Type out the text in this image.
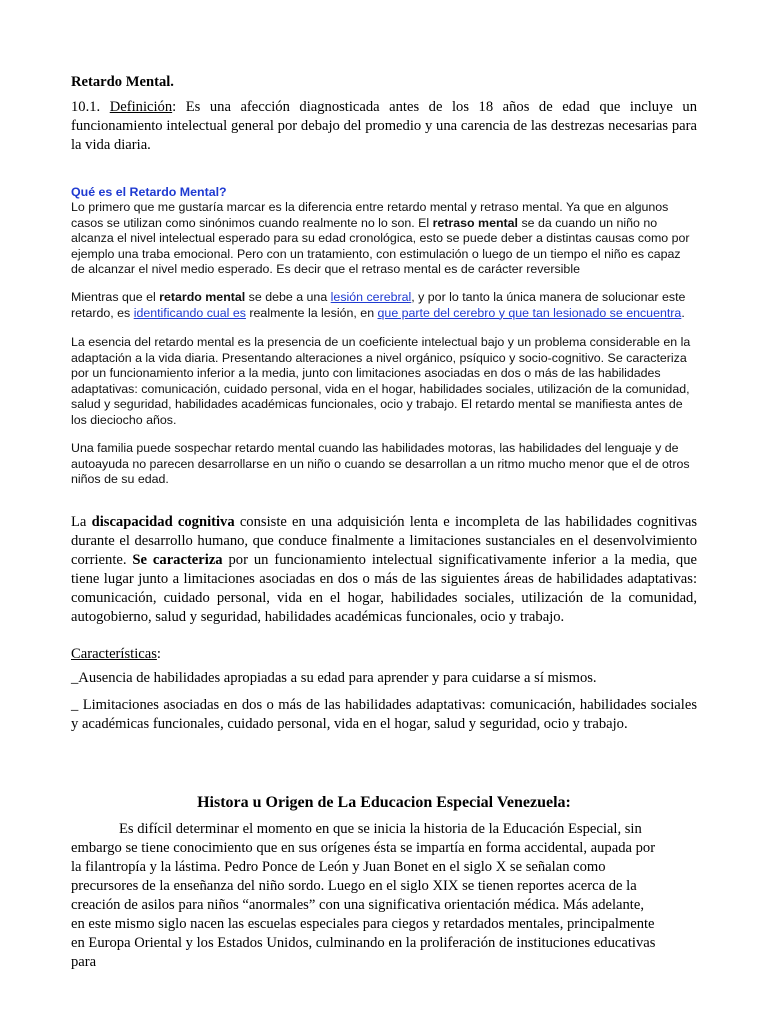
Retardo Mental.

10.1. Definición: Es una afección diagnosticada antes de los 18 años de edad que incluye un funcionamiento intelectual general por debajo del promedio y una carencia de las destrezas necesarias para la vida diaria.

Qué es el Retardo Mental?

Lo primero que me gustaría marcar es la diferencia entre retardo mental y retraso mental. Ya que en algunos casos se utilizan como sinónimos cuando realmente no lo son. El retraso mental se da cuando un niño no alcanza el nivel intelectual esperado para su edad cronológica, esto se puede deber a distintas causas como por ejemplo una traba emocional. Pero con un tratamiento, con estimulación o luego de un tiempo el niño es capaz de alcanzar el nivel medio esperado. Es decir que el retraso mental es de carácter reversible

Mientras que el retardo mental se debe a una lesión cerebral, y por lo tanto la única manera de solucionar este retardo, es identificando cual es realmente la lesión, en que parte del cerebro y que tan lesionado se encuentra.

La esencia del retardo mental es la presencia de un coeficiente intelectual bajo y un problema considerable en la adaptación a la vida diaria. Presentando alteraciones a nivel orgánico, psíquico y socio-cognitivo. Se caracteriza por un funcionamiento inferior a la media, junto con limitaciones asociadas en dos o más de las habilidades adaptativas: comunicación, cuidado personal, vida en el hogar, habilidades sociales, utilización de la comunidad, salud y seguridad, habilidades académicas funcionales, ocio y trabajo. El retardo mental se manifiesta antes de los dieciocho años.

Una familia puede sospechar retardo mental cuando las habilidades motoras, las habilidades del lenguaje y de autoayuda no parecen desarrollarse en un niño o cuando se desarrollan a un ritmo mucho menor que el de otros niños de su edad.

La discapacidad cognitiva consiste en una adquisición lenta e incompleta de las habilidades cognitivas durante el desarrollo humano, que conduce finalmente a limitaciones sustanciales en el desenvolvimiento corriente. Se caracteriza por un funcionamiento intelectual significativamente inferior a la media, que tiene lugar junto a limitaciones asociadas en dos o más de las siguientes áreas de habilidades adaptativas: comunicación, cuidado personal, vida en el hogar, habilidades sociales, utilización de la comunidad, autogobierno, salud y seguridad, habilidades académicas funcionales, ocio y trabajo.

Características:

_Ausencia de habilidades apropiadas a su edad para aprender y para cuidarse a sí mismos.

_ Limitaciones asociadas en dos o más de las habilidades adaptativas: comunicación, habilidades sociales y académicas funcionales, cuidado personal, vida en el hogar, salud y seguridad, ocio y trabajo.

Histora u Origen de La Educacion Especial Venezuela:

Es difícil determinar el momento en que se inicia la historia de la Educación Especial, sin embargo se tiene conocimiento que en sus orígenes ésta se impartía en forma accidental, aupada por la filantropía y la lástima. Pedro Ponce de León y Juan Bonet en el siglo X se señalan como precursores de la enseñanza del niño sordo. Luego en el siglo XIX se tienen reportes acerca de la creación de asilos para niños “anormales” con una significativa orientación médica. Más adelante, en este mismo siglo nacen las escuelas especiales para ciegos y retardados mentales, principalmente en Europa Oriental y los Estados Unidos, culminando en la proliferación de instituciones educativas para
